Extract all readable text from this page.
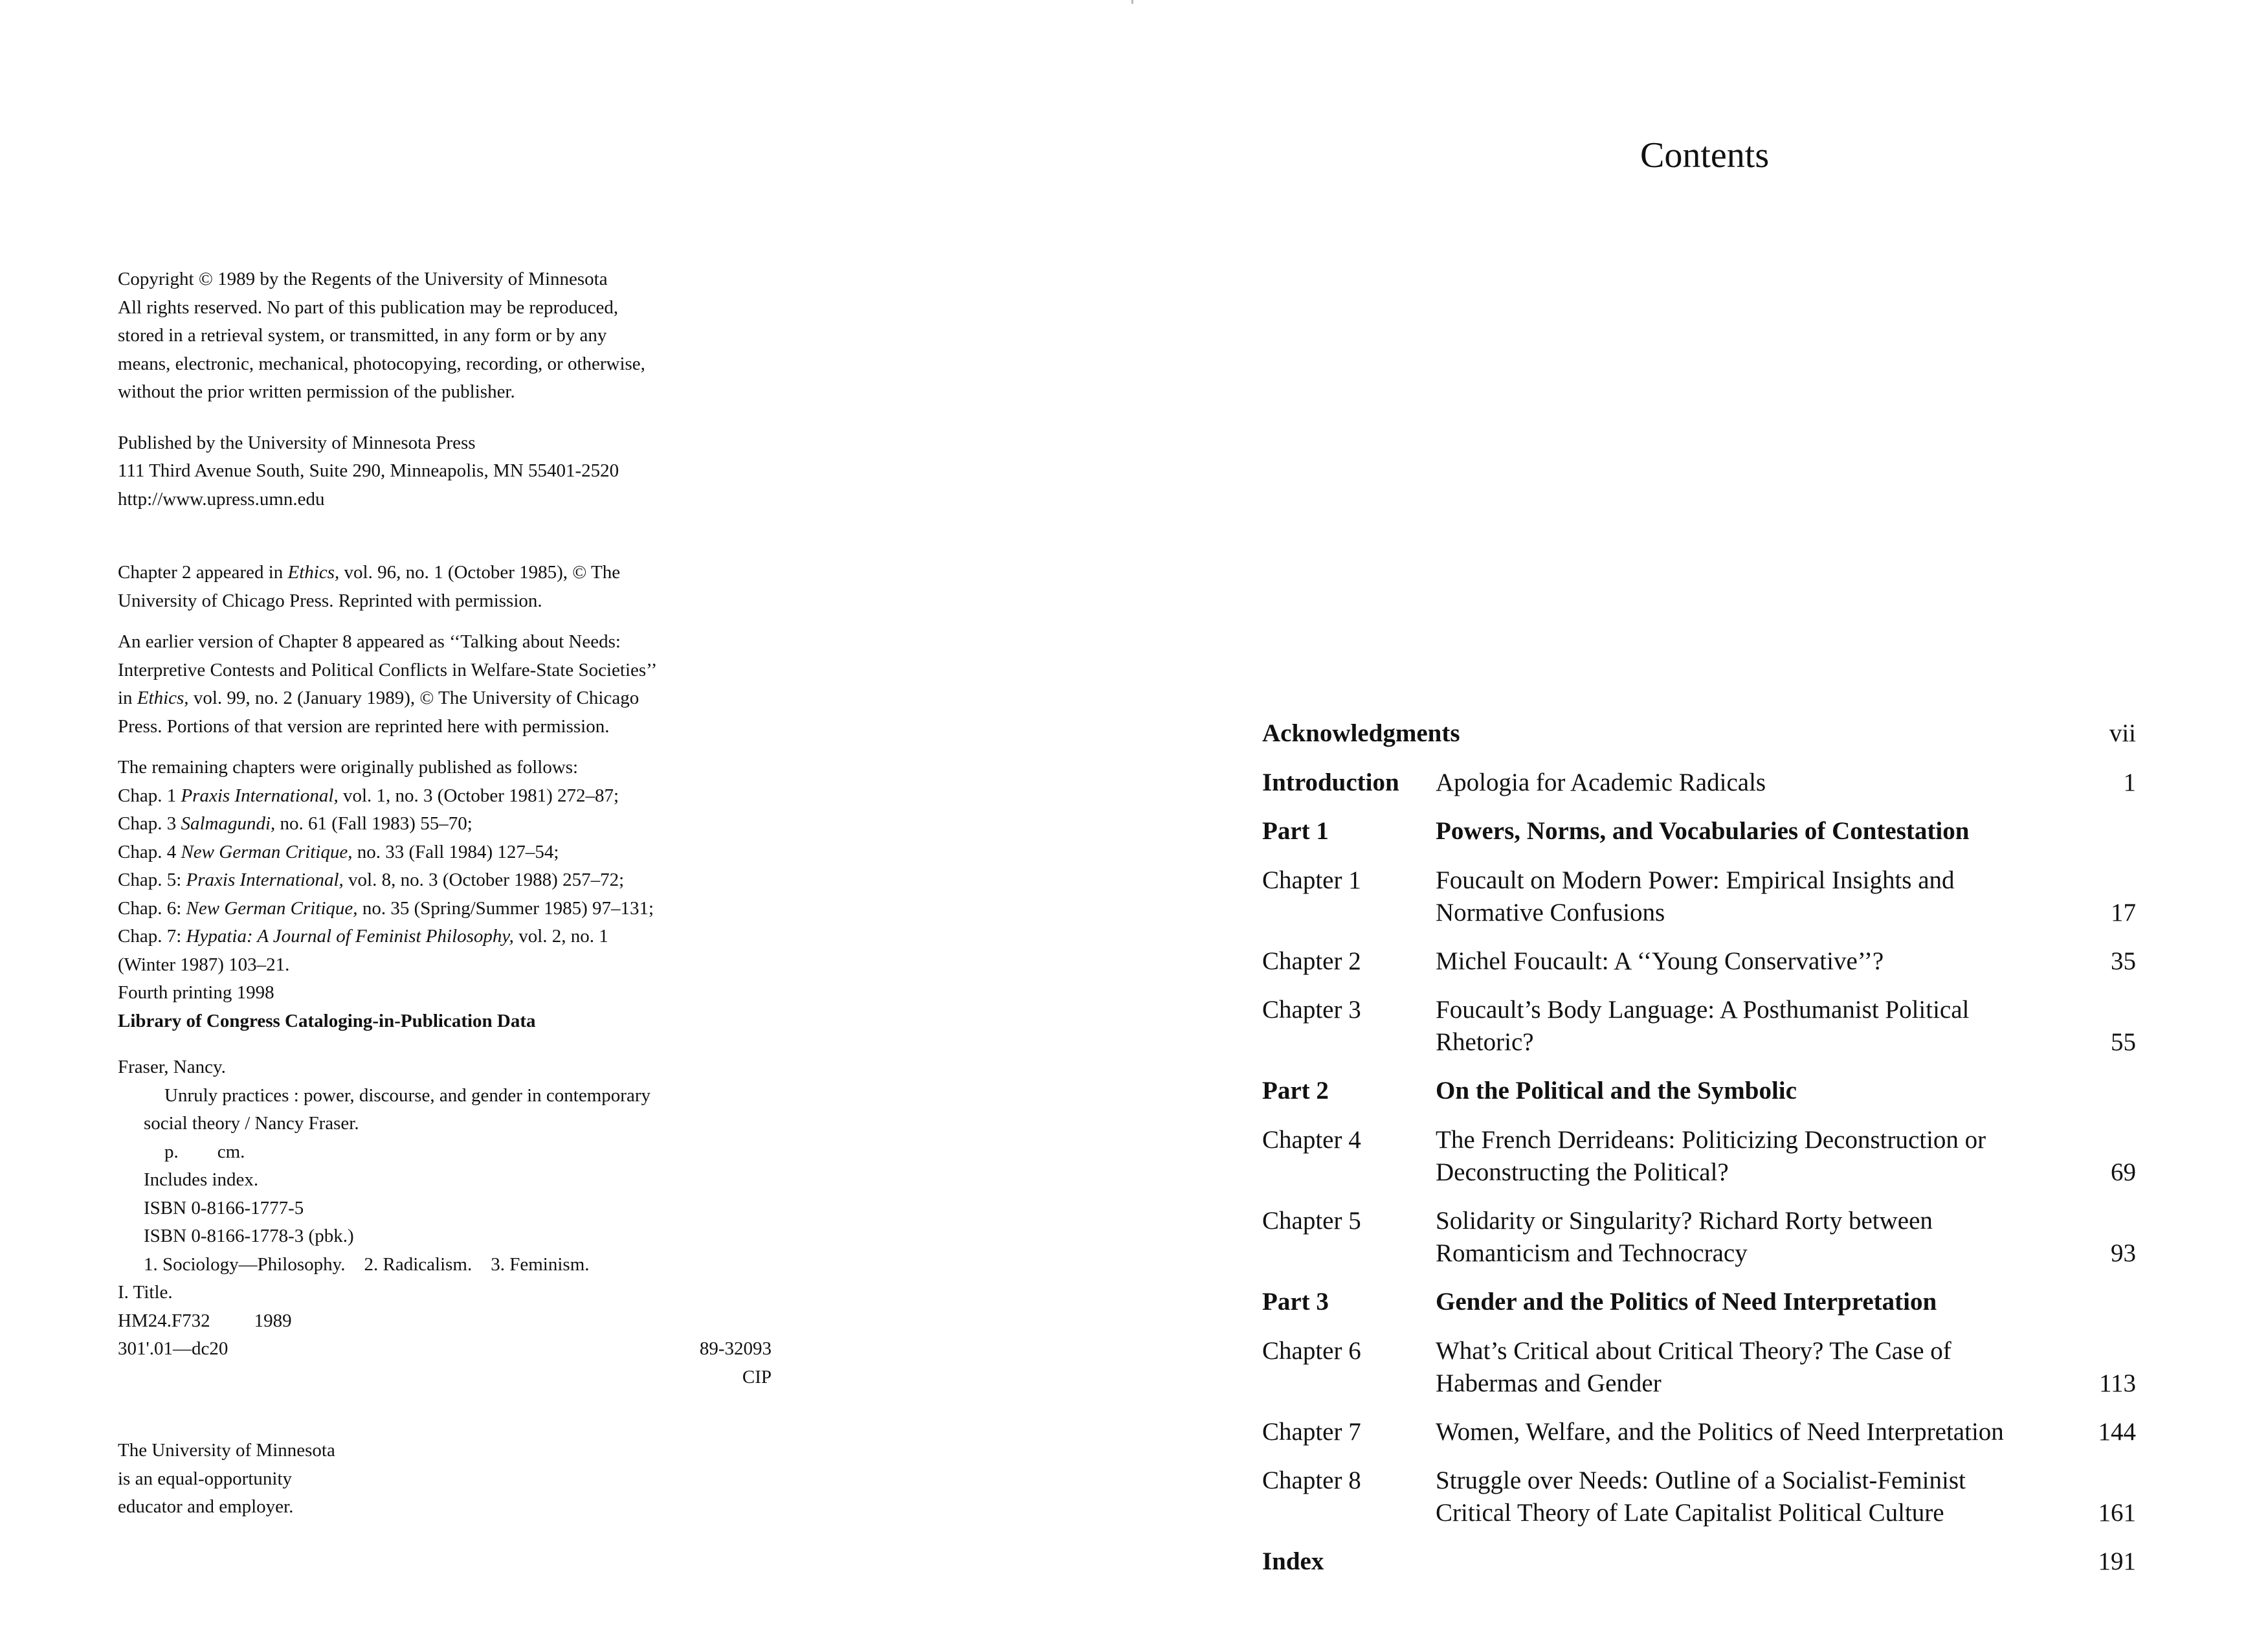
Copyright © 1989 by the Regents of the University of Minnesota
All rights reserved. No part of this publication may be reproduced,
stored in a retrieval system, or transmitted, in any form or by any
means, electronic, mechanical, photocopying, recording, or otherwise,
without the prior written permission of the publisher.

Published by the University of Minnesota Press
111 Third Avenue South, Suite 290, Minneapolis, MN 55401-2520
http://www.upress.umn.edu

Chapter 2 appeared in Ethics, vol. 96, no. 1 (October 1985), © The
University of Chicago Press. Reprinted with permission.

An earlier version of Chapter 8 appeared as ‘‘Talking about Needs:
Interpretive Contests and Political Conflicts in Welfare-State Societies’’
in Ethics, vol. 99, no. 2 (January 1989), © The University of Chicago
Press. Portions of that version are reprinted here with permission.

The remaining chapters were originally published as follows:
Chap. 1 Praxis International, vol. 1, no. 3 (October 1981) 272–87;
Chap. 3 Salmagundi, no. 61 (Fall 1983) 55–70;
Chap. 4 New German Critique, no. 33 (Fall 1984) 127–54;
Chap. 5: Praxis International, vol. 8, no. 3 (October 1988) 257–72;
Chap. 6: New German Critique, no. 35 (Spring/Summer 1985) 97–131;
Chap. 7: Hypatia: A Journal of Feminist Philosophy, vol. 2, no. 1
(Winter 1987) 103–21.
Fourth printing 1998
Library of Congress Cataloging-in-Publication Data

Fraser, Nancy.
Unruly practices : power, discourse, and gender in contemporary
social theory / Nancy Fraser.
p. cm.
Includes index.
ISBN 0-8166-1777-5
ISBN 0-8166-1778-3 (pbk.)
1. Sociology—Philosophy.    2. Radicalism.    3. Feminism.
I. Title.
HM24.F732 1989
301'.01—dc20	89-32093
CIP

The University of Minnesota
is an equal-opportunity
educator and employer.

Contents
Acknowledgments	vii
Introduction	Apologia for Academic Radicals	1
Part 1	Powers, Norms, and Vocabularies of Contestation
Chapter 1	Foucault on Modern Power: Empirical Insights and
Normative Confusions	17
Chapter 2	Michel Foucault: A ‘‘Young Conservative’’?	35
Chapter 3	Foucault’s Body Language: A Posthumanist Political
Rhetoric?	55
Part 2	On the Political and the Symbolic
Chapter 4	The French Derrideans: Politicizing Deconstruction or
Deconstructing the Political?	69
Chapter 5	Solidarity or Singularity? Richard Rorty between
Romanticism and Technocracy	93
Part 3	Gender and the Politics of Need Interpretation
Chapter 6	What’s Critical about Critical Theory? The Case of
Habermas and Gender	113
Chapter 7	Women, Welfare, and the Politics of Need Interpretation	144
Chapter 8	Struggle over Needs: Outline of a Socialist-Feminist
Critical Theory of Late Capitalist Political Culture	161
Index	191
